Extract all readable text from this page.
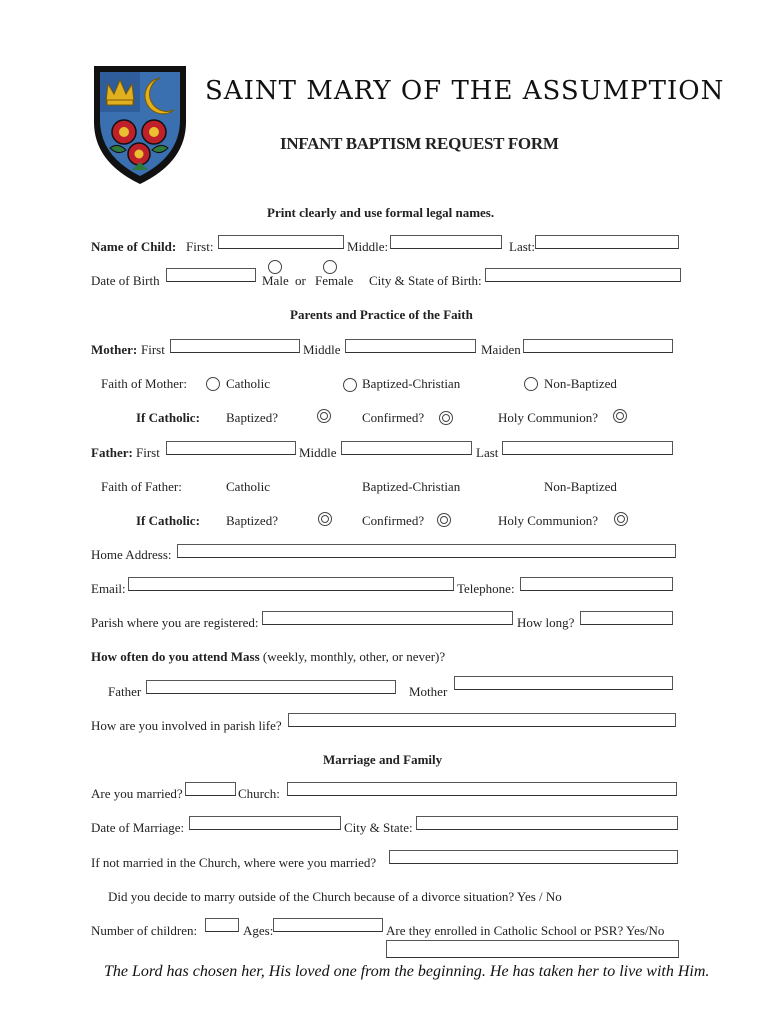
SAINT MARY OF THE ASSUMPTION
INFANT BAPTISM REQUEST FORM
Print clearly and use formal legal names.
Name of Child: First:	Middle:	Last:
Date of Birth	Male or Female City & State of Birth:
Parents and Practice of the Faith
Mother: First	Middle	Maiden
Faith of Mother:	Catholic	Baptized-Christian	Non-Baptized
If Catholic: Baptized?	Confirmed?	Holy Communion?
Father: First	Middle	Last
Faith of Father:	Catholic	Baptized-Christian	Non-Baptized
If Catholic: Baptized?	Confirmed?	Holy Communion?
Home Address:
Email:	Telephone:
Parish where you are registered:	How long?
How often do you attend Mass (weekly, monthly, other, or never)?
Father	Mother
How are you involved in parish life?
Marriage and Family
Are you married?	Church:
Date of Marriage:	City & State:
If not married in the Church, where were you married?
Did you decide to marry outside of the Church because of a divorce situation? Yes / No
Number of children:	Ages:	Are they enrolled in Catholic School or PSR? Yes/No
The Lord has chosen her, His loved one from the beginning. He has taken her to live with Him.
